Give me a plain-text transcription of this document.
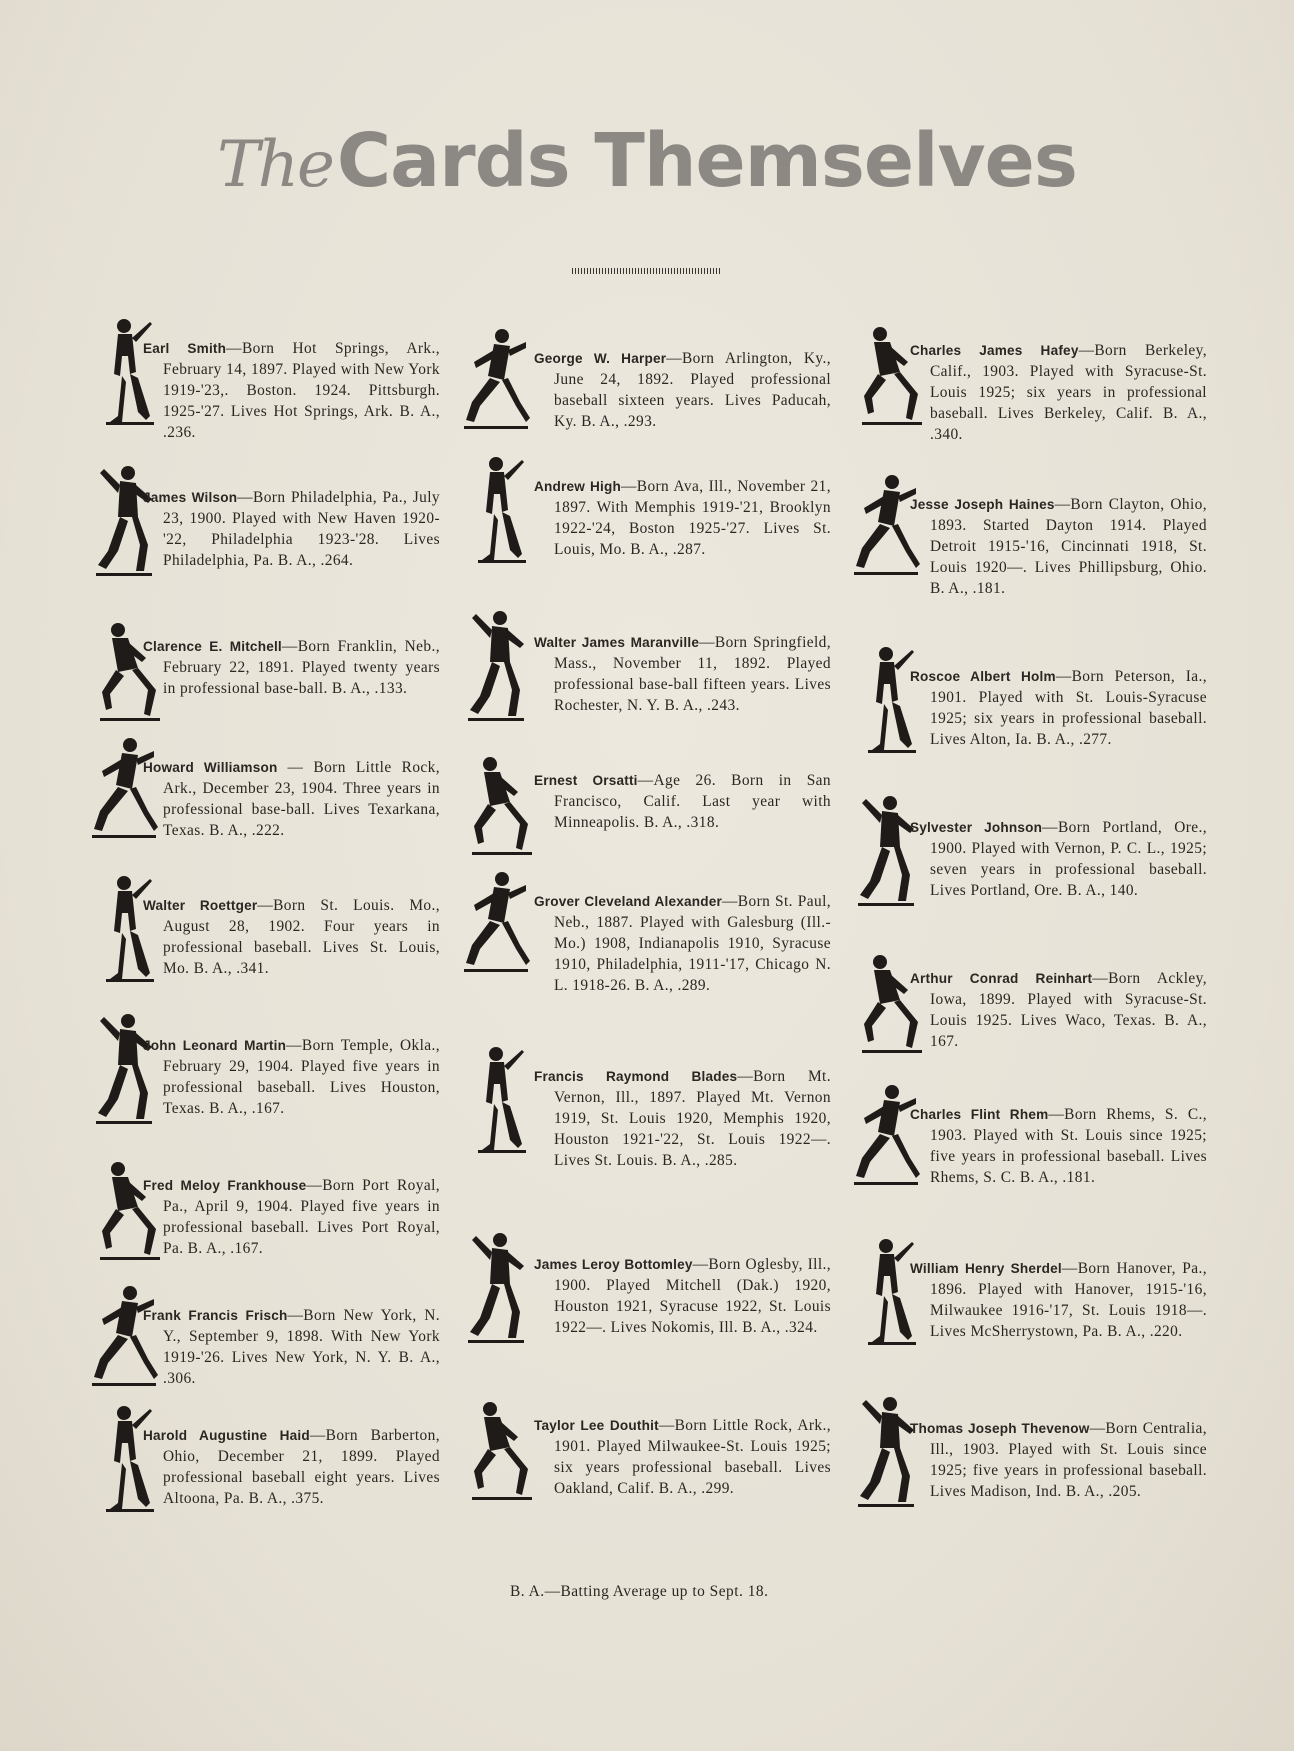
TheCards Themselves
Earl Smith—Born Hot Springs, Ark., February 14, 1897. Played with New York 1919-'23,. Boston. 1924. Pittsburgh. 1925-'27. Lives Hot Springs, Ark. B. A., .236.
James Wilson—Born Philadelphia, Pa., July 23, 1900. Played with New Haven 1920-'22, Philadelphia 1923-'28. Lives Philadelphia, Pa. B. A., .264.
Clarence E. Mitchell—Born Franklin, Neb., February 22, 1891. Played twenty years in professional base-ball. B. A., .133.
Howard Williamson — Born Little Rock, Ark., December 23, 1904. Three years in professional base-ball. Lives Texarkana, Texas. B. A., .222.
Walter Roettger—Born St. Louis. Mo., August 28, 1902. Four years in professional baseball. Lives St. Louis, Mo. B. A., .341.
John Leonard Martin—Born Temple, Okla., February 29, 1904. Played five years in professional baseball. Lives Houston, Texas. B. A., .167.
Fred Meloy Frankhouse—Born Port Royal, Pa., April 9, 1904. Played five years in professional baseball. Lives Port Royal, Pa. B. A., .167.
Frank Francis Frisch—Born New York, N. Y., September 9, 1898. With New York 1919-'26. Lives New York, N. Y. B. A., .306.
Harold Augustine Haid—Born Barberton, Ohio, December 21, 1899. Played professional baseball eight years. Lives Altoona, Pa. B. A., .375.
George W. Harper—Born Arlington, Ky., June 24, 1892. Played professional baseball sixteen years. Lives Paducah, Ky. B. A., .293.
Andrew High—Born Ava, Ill., November 21, 1897. With Memphis 1919-'21, Brooklyn 1922-'24, Boston 1925-'27. Lives St. Louis, Mo. B. A., .287.
Walter James Maranville—Born Springfield, Mass., November 11, 1892. Played professional base-ball fifteen years. Lives Rochester, N. Y. B. A., .243.
Ernest Orsatti—Age 26. Born in San Francisco, Calif. Last year with Minneapolis. B. A., .318.
Grover Cleveland Alexander—Born St. Paul, Neb., 1887. Played with Galesburg (Ill.-Mo.) 1908, Indianapolis 1910, Syracuse 1910, Philadelphia, 1911-'17, Chicago N. L. 1918-26. B. A., .289.
Francis Raymond Blades—Born Mt. Vernon, Ill., 1897. Played Mt. Vernon 1919, St. Louis 1920, Memphis 1920, Houston 1921-'22, St. Louis 1922—. Lives St. Louis. B. A., .285.
James Leroy Bottomley—Born Oglesby, Ill., 1900. Played Mitchell (Dak.) 1920, Houston 1921, Syracuse 1922, St. Louis 1922—. Lives Nokomis, Ill. B. A., .324.
Taylor Lee Douthit—Born Little Rock, Ark., 1901. Played Milwaukee-St. Louis 1925; six years professional baseball. Lives Oakland, Calif. B. A., .299.
Charles James Hafey—Born Berkeley, Calif., 1903. Played with Syracuse-St. Louis 1925; six years in professional baseball. Lives Berkeley, Calif. B. A., .340.
Jesse Joseph Haines—Born Clayton, Ohio, 1893. Started Dayton 1914. Played Detroit 1915-'16, Cincinnati 1918, St. Louis 1920—. Lives Phillipsburg, Ohio. B. A., .181.
Roscoe Albert Holm—Born Peterson, Ia., 1901. Played with St. Louis-Syracuse 1925; six years in professional baseball. Lives Alton, Ia. B. A., .277.
Sylvester Johnson—Born Portland, Ore., 1900. Played with Vernon, P. C. L., 1925; seven years in professional baseball. Lives Portland, Ore. B. A., 140.
Arthur Conrad Reinhart—Born Ackley, Iowa, 1899. Played with Syracuse-St. Louis 1925. Lives Waco, Texas. B. A., 167.
Charles Flint Rhem—Born Rhems, S. C., 1903. Played with St. Louis since 1925; five years in professional baseball. Lives Rhems, S. C. B. A., .181.
William Henry Sherdel—Born Hanover, Pa., 1896. Played with Hanover, 1915-'16, Milwaukee 1916-'17, St. Louis 1918—. Lives McSherrystown, Pa. B. A., .220.
Thomas Joseph Thevenow—Born Centralia, Ill., 1903. Played with St. Louis since 1925; five years in professional baseball. Lives Madison, Ind. B. A., .205.
B. A.—Batting Average up to Sept. 18.
